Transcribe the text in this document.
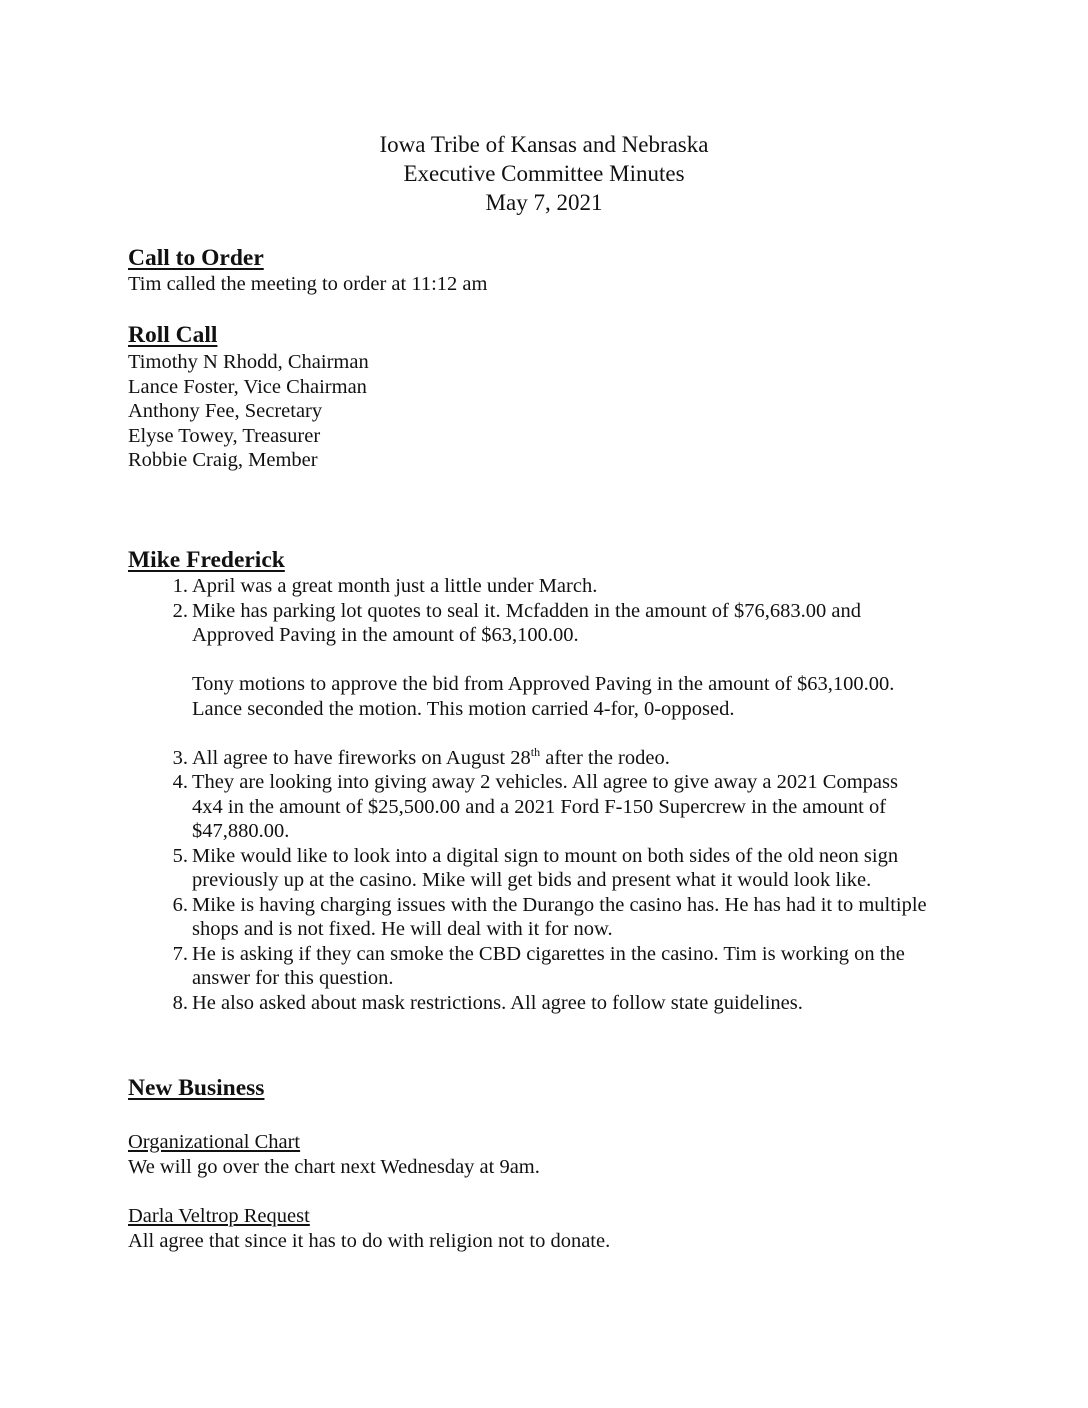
Iowa Tribe of Kansas and Nebraska
Executive Committee Minutes
May 7, 2021
Call to Order
Tim called the meeting to order at 11:12 am
Roll Call
Timothy N Rhodd, Chairman
Lance Foster, Vice Chairman
Anthony Fee, Secretary
Elyse Towey, Treasurer
Robbie Craig, Member
Mike Frederick
1. April was a great month just a little under March.
2. Mike has parking lot quotes to seal it. Mcfadden in the amount of $76,683.00 and
Approved Paving in the amount of $63,100.00.
Tony motions to approve the bid from Approved Paving in the amount of $63,100.00.
Lance seconded the motion. This motion carried 4-for, 0-opposed.
3. All agree to have fireworks on August 28th after the rodeo.
4. They are looking into giving away 2 vehicles. All agree to give away a 2021 Compass
4x4 in the amount of $25,500.00 and a 2021 Ford F-150 Supercrew in the amount of
$47,880.00.
5. Mike would like to look into a digital sign to mount on both sides of the old neon sign
previously up at the casino. Mike will get bids and present what it would look like.
6. Mike is having charging issues with the Durango the casino has. He has had it to multiple
shops and is not fixed. He will deal with it for now.
7. He is asking if they can smoke the CBD cigarettes in the casino. Tim is working on the
answer for this question.
8. He also asked about mask restrictions. All agree to follow state guidelines.
New Business
Organizational Chart
We will go over the chart next Wednesday at 9am.
Darla Veltrop Request
All agree that since it has to do with religion not to donate.
